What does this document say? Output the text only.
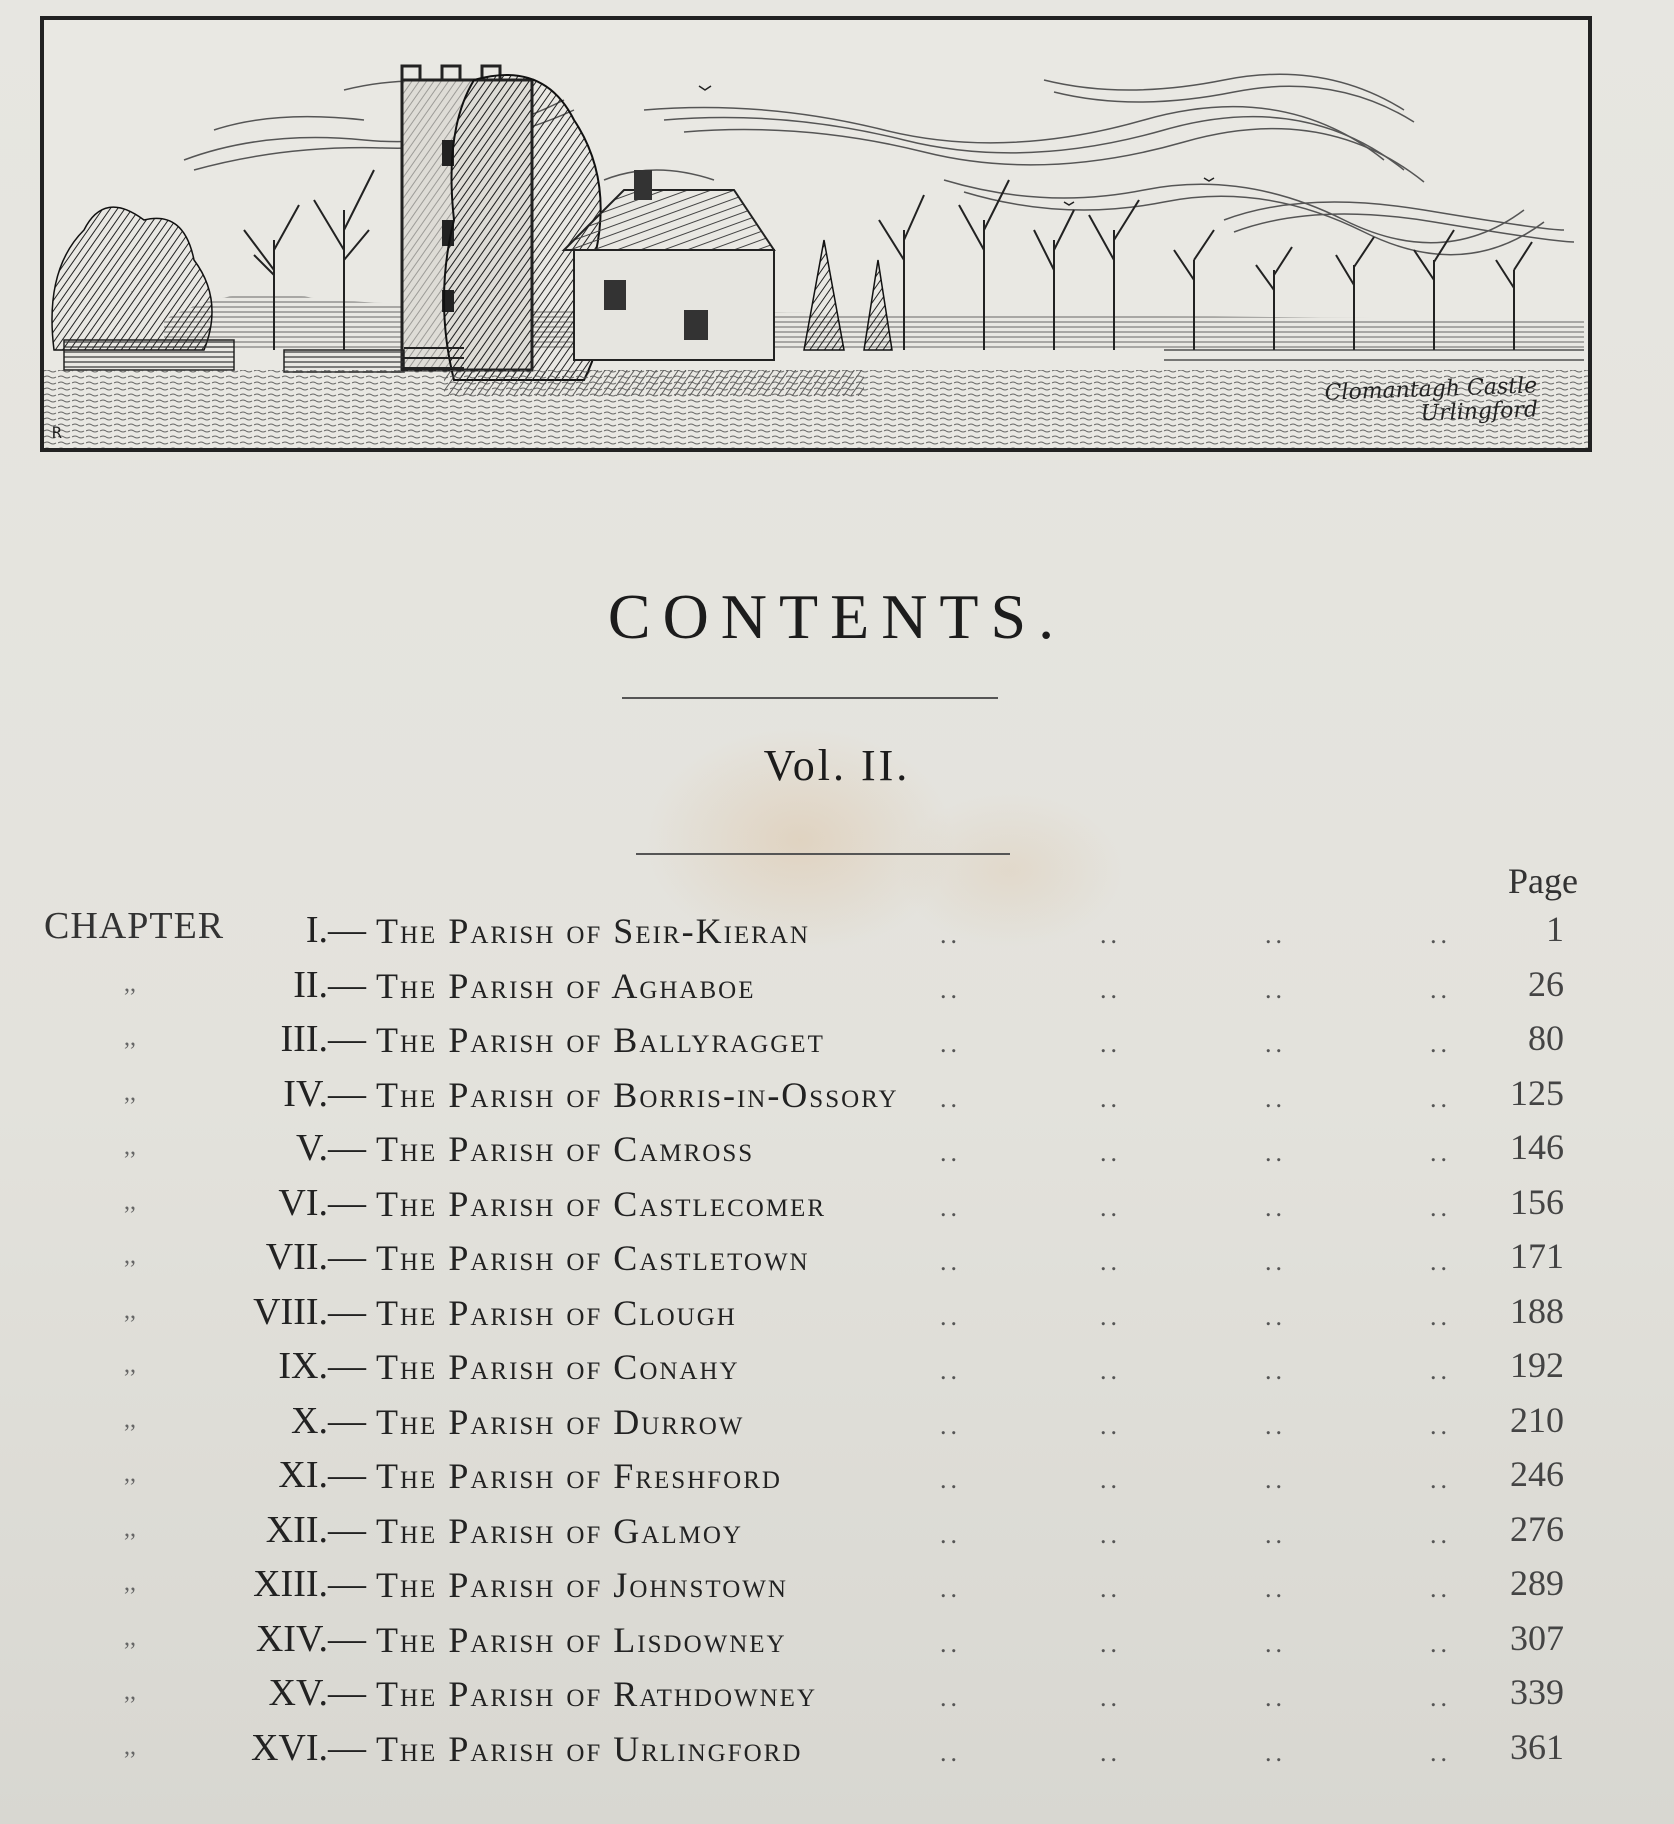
R
Clomantagh Castle
Urlingford
CONTENTS.
Vol. II.
Page
CHAPTER I. — The Parish of Seir-Kieran	..	..	..	..	1
,,	II. — The Parish of Aghaboe	..	..	..	.. 26
,,	III. — The Parish of Ballyragget	..	..	..	.. 80
,,	IV. — The Parish of Borris-in-Ossory ..	..	..	.. 125
,,	V. — The Parish of Camross	..	..	..	.. 146
,,	VI. — The Parish of Castlecomer	..	..	..	.. 156
,,	VII. — The Parish of Castletown	..	..	..	.. 171
,,	VIII. — The Parish of Clough	..	..	..	.. 188
,,	IX. — The Parish of Conahy	..	..	..	.. 192
,,	X. — The Parish of Durrow	..	..	..	.. 210
,,	XI. — The Parish of Freshford	..	..	..	.. 246
,,	XII. — The Parish of Galmoy	..	..	..	.. 276
,,	XIII. — The Parish of Johnstown	..	..	..	.. 289
,,	XIV. — The Parish of Lisdowney	..	..	..	.. 307
,,	XV. — The Parish of Rathdowney	..	..	..	.. 339
,,	XVI. — The Parish of Urlingford	..	..	..	.. 361
